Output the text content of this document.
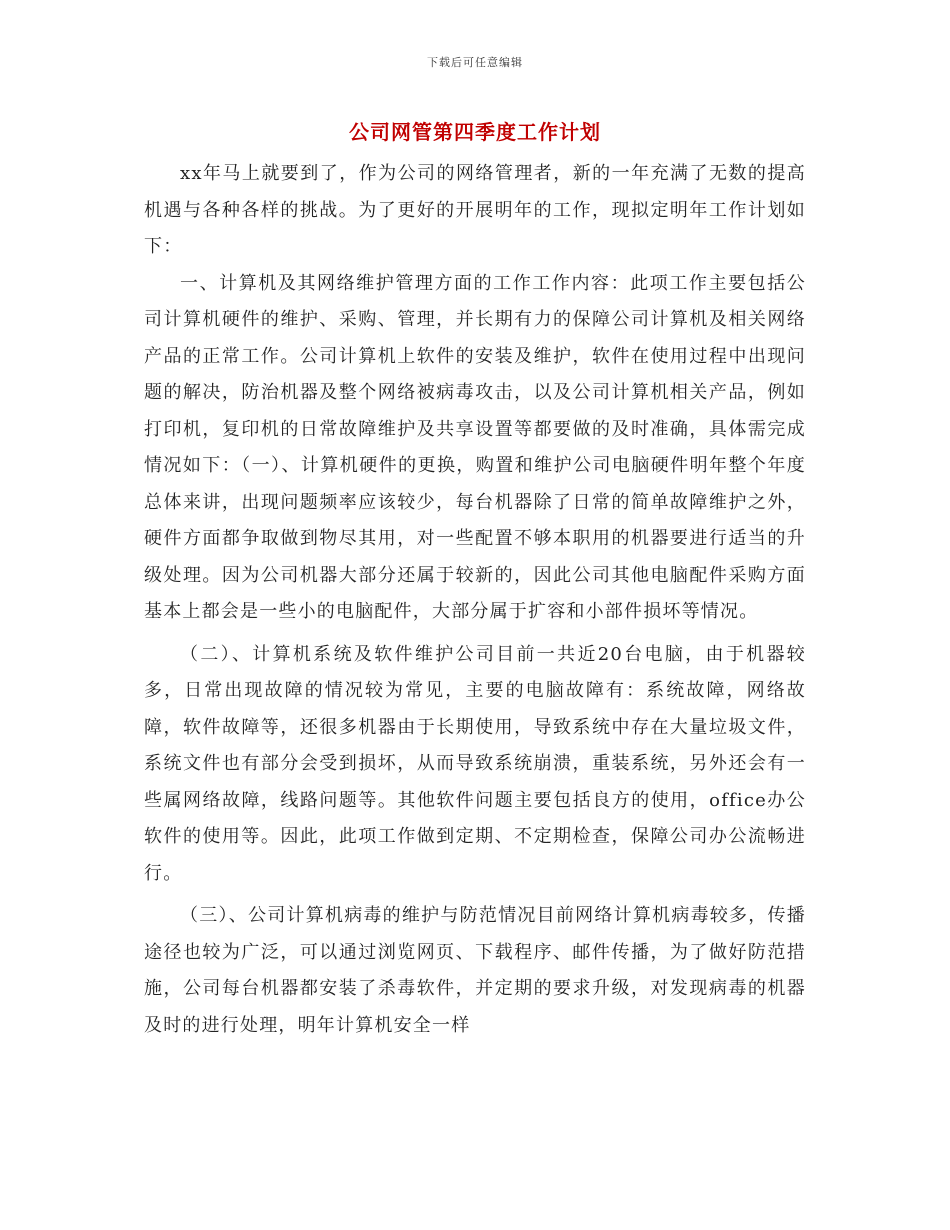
下载后可任意编辑
公司网管第四季度工作计划

xx年马上就要到了，作为公司的网络管理者，新的一年充满了无数的提高机遇与各种各样的挑战。为了更好的开展明年的工作，现拟定明年工作计划如下：

一、计算机及其网络维护管理方面的工作工作内容：此项工作主要包括公司计算机硬件的维护、采购、管理，并长期有力的保障公司计算机及相关网络产品的正常工作。公司计算机上软件的安装及维护，软件在使用过程中出现问题的解决，防治机器及整个网络被病毒攻击，以及公司计算机相关产品，例如打印机，复印机的日常故障维护及共享设置等都要做的及时准确，具体需完成情况如下：（一）、计算机硬件的更换，购置和维护公司电脑硬件明年整个年度总体来讲，出现问题频率应该较少，每台机器除了日常的简单故障维护之外，硬件方面都争取做到物尽其用，对一些配置不够本职用的机器要进行适当的升级处理。因为公司机器大部分还属于较新的，因此公司其他电脑配件采购方面基本上都会是一些小的电脑配件，大部分属于扩容和小部件损坏等情况。

（二）、计算机系统及软件维护公司目前一共近20台电脑，由于机器较多，日常出现故障的情况较为常见，主要的电脑故障有：系统故障，网络故障，软件故障等，还很多机器由于长期使用，导致系统中存在大量垃圾文件，系统文件也有部分会受到损坏，从而导致系统崩溃，重装系统，另外还会有一些属网络故障，线路问题等。其他软件问题主要包括良方的使用，office办公软件的使用等。因此，此项工作做到定期、不定期检查，保障公司办公流畅进行。

（三）、公司计算机病毒的维护与防范情况目前网络计算机病毒较多，传播途径也较为广泛，可以通过浏览网页、下载程序、邮件传播，为了做好防范措施，公司每台机器都安装了杀毒软件，并定期的要求升级，对发现病毒的机器及时的进行处理，明年计算机安全一样
